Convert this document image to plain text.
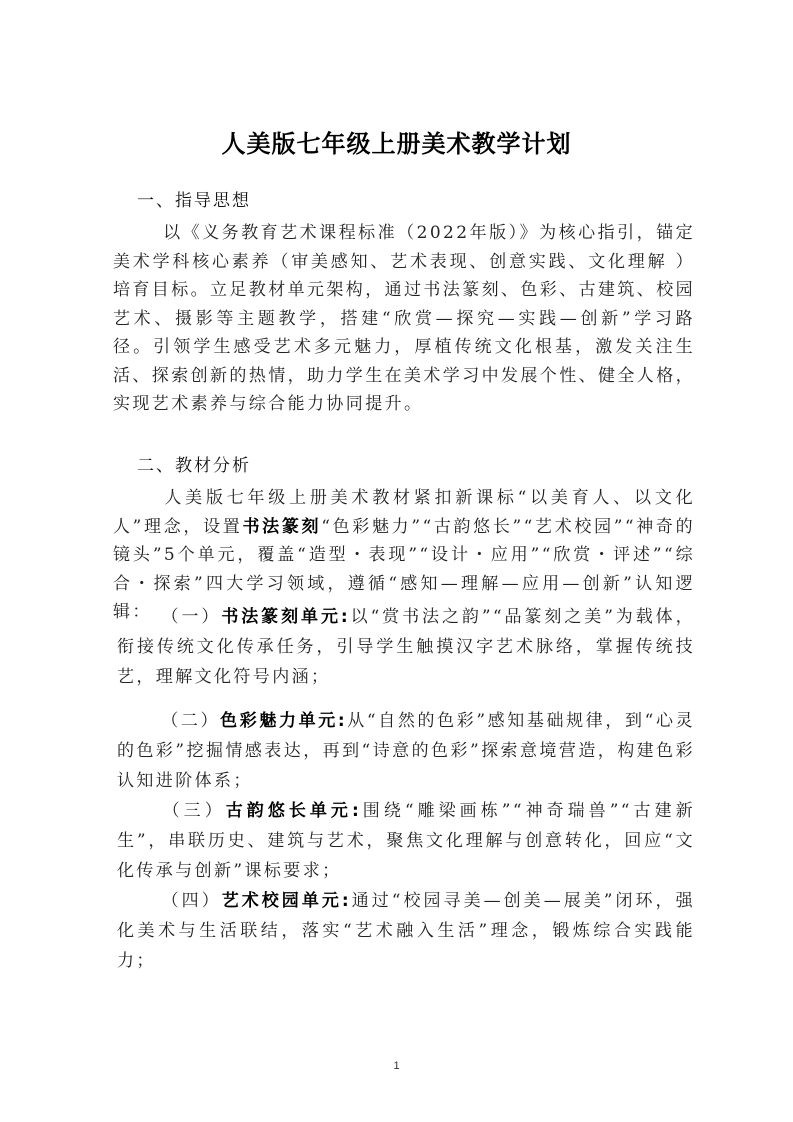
人美版七年级上册美术教学计划
一、指导思想
以《义务教育艺术课程标准（2022年版）》为核心指引，锚定美术学科核心素养（审美感知、艺术表现、创意实践、文化理解 ）培育目标。立足教材单元架构，通过书法篆刻、色彩、古建筑、校园艺术、摄影等主题教学，搭建“欣赏—探究—实践—创新”学习路径。引领学生感受艺术多元魅力，厚植传统文化根基，激发关注生活、探索创新的热情，助力学生在美术学习中发展个性、健全人格，实现艺术素养与综合能力协同提升。
二、教材分析
人美版七年级上册美术教材紧扣新课标“以美育人、以文化人”理念，设置书法篆刻“色彩魅力”“古韵悠长”“艺术校园”“神奇的镜头”5个单元，覆盖“造型・表现”“设计・应用”“欣赏・评述”“综合・探索”四大学习领域，遵循“感知—理解—应用—创新”认知逻辑： （一）书法篆刻单元:以“赏书法之韵”“品篆刻之美”为载体，衔接传统文化传承任务，引导学生触摸汉字艺术脉络，掌握传统技艺，理解文化符号内涵；
（二）色彩魅力单元:从“自然的色彩”感知基础规律，到“心灵的色彩”挖掘情感表达，再到“诗意的色彩”探索意境营造，构建色彩认知进阶体系；
（三）古韵悠长单元:围绕“雕梁画栋”“神奇瑞兽”“古建新生”，串联历史、建筑与艺术，聚焦文化理解与创意转化，回应“文化传承与创新”课标要求；
（四）艺术校园单元:通过“校园寻美—创美—展美”闭环，强化美术与生活联结，落实“艺术融入生活”理念，锻炼综合实践能力；
1
